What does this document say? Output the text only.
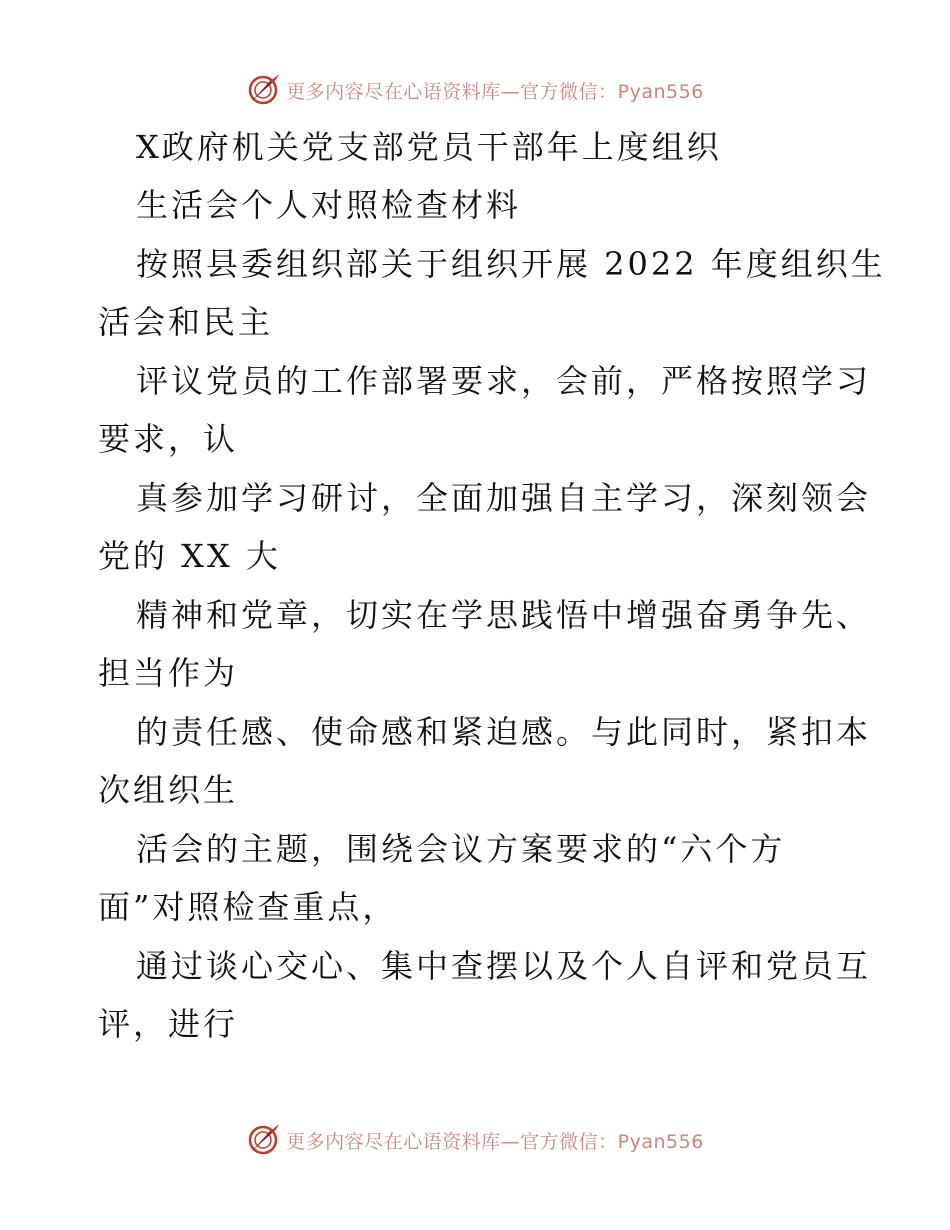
更多内容尽在心语资料库—官方微信：Pyan556
X政府机关党支部党员干部年上度组织
生活会个人对照检查材料
按照县委组织部关于组织开展 2022 年度组织生
活会和民主
评议党员的工作部署要求，会前，严格按照学习
要求，认
真参加学习研讨，全面加强自主学习，深刻领会
党的 XX 大
精神和党章，切实在学思践悟中增强奋勇争先、
担当作为
的责任感、使命感和紧迫感。与此同时，紧扣本
次组织生
活会的主题，围绕会议方案要求的“六个方
面”对照检查重点，
通过谈心交心、集中查摆以及个人自评和党员互
评，进行
更多内容尽在心语资料库—官方微信：Pyan556
